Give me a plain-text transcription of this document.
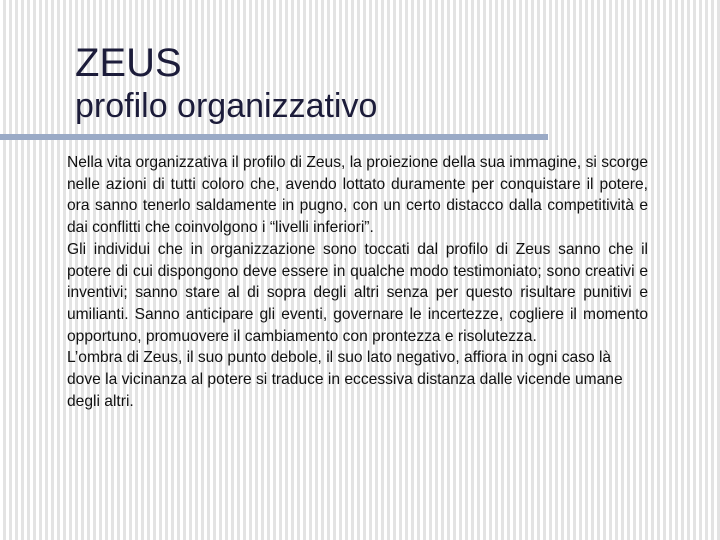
ZEUS
profilo organizzativo

Nella vita organizzativa il profilo di Zeus, la proiezione della sua immagine, si scorge nelle azioni di tutti coloro che, avendo lottato duramente per conquistare il potere, ora sanno tenerlo saldamente in pugno, con un certo distacco dalla competitività e dai conflitti che coinvolgono i “livelli inferiori”.

Gli individui che in organizzazione sono toccati dal profilo di Zeus sanno che il potere di cui dispongono deve essere in qualche modo testimoniato; sono creativi e inventivi; sanno stare al di sopra degli altri senza per questo risultare punitivi e umilianti. Sanno anticipare gli eventi, governare le incertezze, cogliere il momento opportuno, promuovere il cambiamento con prontezza e risolutezza.

L’ombra di Zeus, il suo punto debole, il suo lato negativo, affiora in ogni caso là dove la vicinanza al potere si traduce in eccessiva distanza dalle vicende umane degli altri.
